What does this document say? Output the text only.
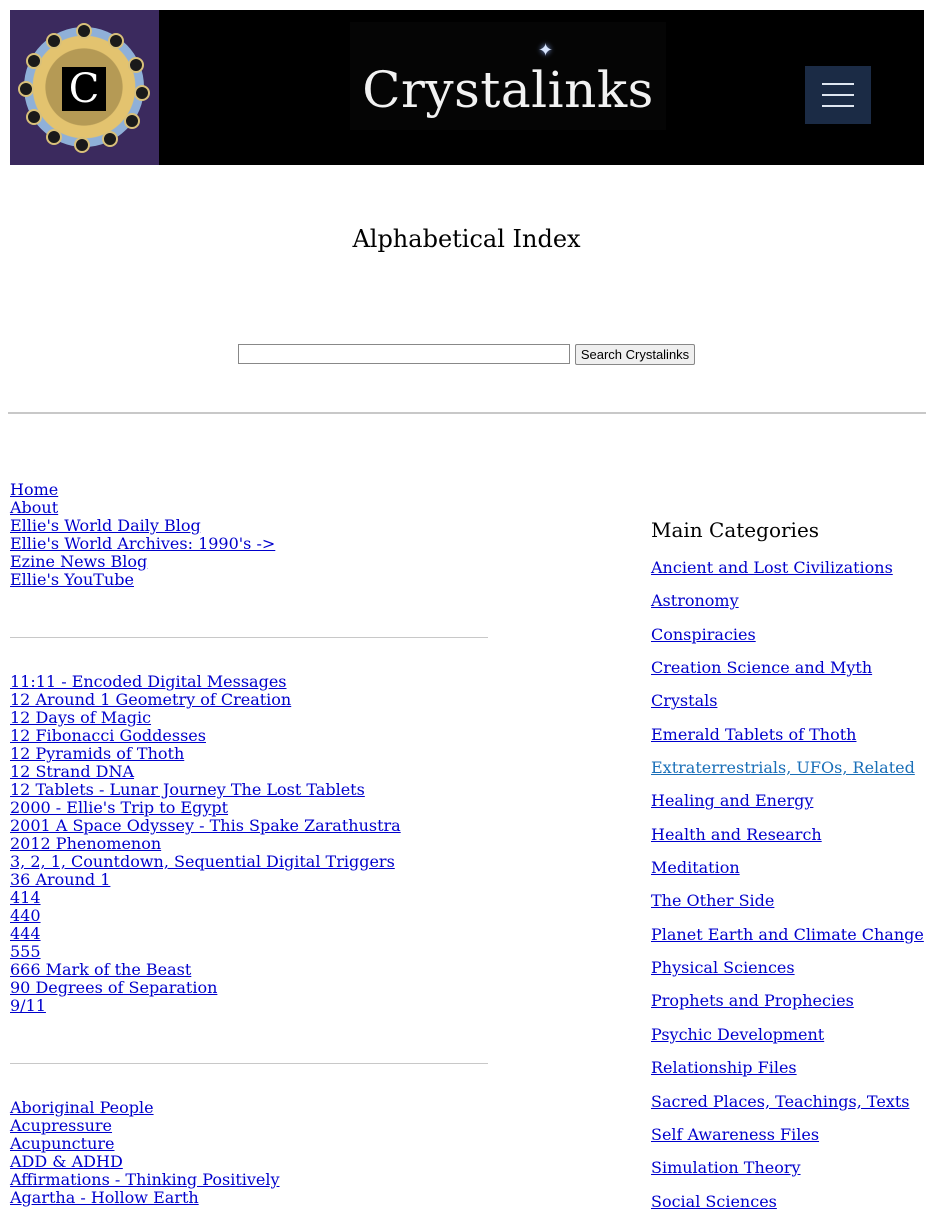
C
✦
Crystalinks
Alphabetical Index
Search Crystalinks
Home
About
Ellie's World Daily Blog
Ellie's World Archives: 1990's ->
Ezine News Blog
Ellie's YouTube
11:11 - Encoded Digital Messages
12 Around 1 Geometry of Creation
12 Days of Magic
12 Fibonacci Goddesses
12 Pyramids of Thoth
12 Strand DNA
12 Tablets - Lunar Journey The Lost Tablets
2000 - Ellie's Trip to Egypt
2001 A Space Odyssey - This Spake Zarathustra
2012 Phenomenon
3, 2, 1, Countdown, Sequential Digital Triggers
36 Around 1
414
440
444
555
666 Mark of the Beast
90 Degrees of Separation
9/11
Aboriginal People
Acupressure
Acupuncture
ADD & ADHD
Affirmations - Thinking Positively
Agartha - Hollow Earth
Main Categories
Ancient and Lost Civilizations
Astronomy
Conspiracies
Creation Science and Myth
Crystals
Emerald Tablets of Thoth
Extraterrestrials, UFOs, Related
Healing and Energy
Health and Research
Meditation
The Other Side
Planet Earth and Climate Change
Physical Sciences
Prophets and Prophecies
Psychic Development
Relationship Files
Sacred Places, Teachings, Texts
Self Awareness Files
Simulation Theory
Social Sciences
